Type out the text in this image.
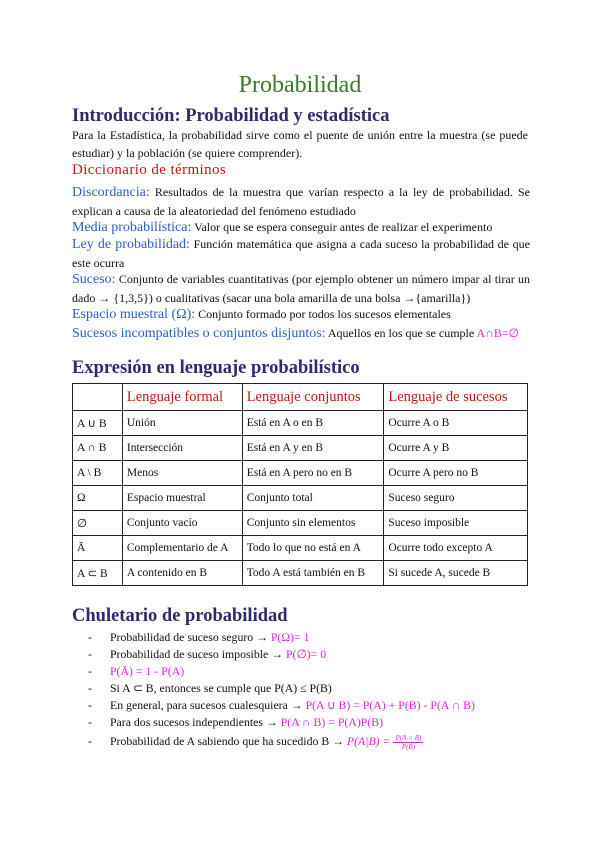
Probabilidad
Introducción: Probabilidad y estadística
Para la Estadística, la probabilidad sirve como el puente de unión entre la muestra (se puede estudiar) y la población (se quiere comprender).
Diccionario de términos
Discordancia: Resultados de la muestra que varían respecto a la ley de probabilidad. Se explican a causa de la aleatoriedad del fenómeno estudiado
Media probabilística: Valor que se espera conseguir antes de realizar el experimento
Ley de probabilidad: Función matemática que asigna a cada suceso la probabilidad de que este ocurra
Suceso: Conjunto de variables cuantitativas (por ejemplo obtener un número impar al tirar un dado → {1,3,5}) o cualitativas (sacar una bola amarilla de una bolsa →{amarilla})
Espacio muestral (Ω): Conjunto formado por todos los sucesos elementales
Sucesos incompatibles o conjuntos disjuntos: Aquellos en los que se cumple A∩B=∅
Expresión en lenguaje probabilístico
	Lenguaje formal	Lenguaje conjuntos	Lenguaje de sucesos
A ∪ B	Unión	Está en A o en B	Ocurre A o B
A ∩ B	Intersección	Está en A y en B	Ocurre A y B
A \ B	Menos	Está en A pero no en B	Ocurre A pero no B
Ω	Espacio muestral	Conjunto total	Suceso seguro
∅	Conjunto vacío	Conjunto sin elementos	Suceso imposible
Ā	Complementario de A	Todo lo que no está en A	Ocurre todo excepto A
A ⊂ B	A contenido en B	Todo A está también en B	Si sucede A, sucede B
Chuletario de probabilidad
- Probabilidad de suceso seguro → P(Ω)= 1
- Probabilidad de suceso imposible → P(∅)= 0
- P(Ā) = 1 - P(A)
- Si A ⊂ B, entonces se cumple que P(A) ≤ P(B)
- En general, para sucesos cualesquiera → P(A ∪ B) = P(A) + P(B) - P(A ∩ B)
- Para dos sucesos independientes → P(A ∩ B) = P(A)P(B)
- Probabilidad de A sabiendo que ha sucedido $B \to P(A|B) = \frac{P(A \cap B)}{P(B)}$
